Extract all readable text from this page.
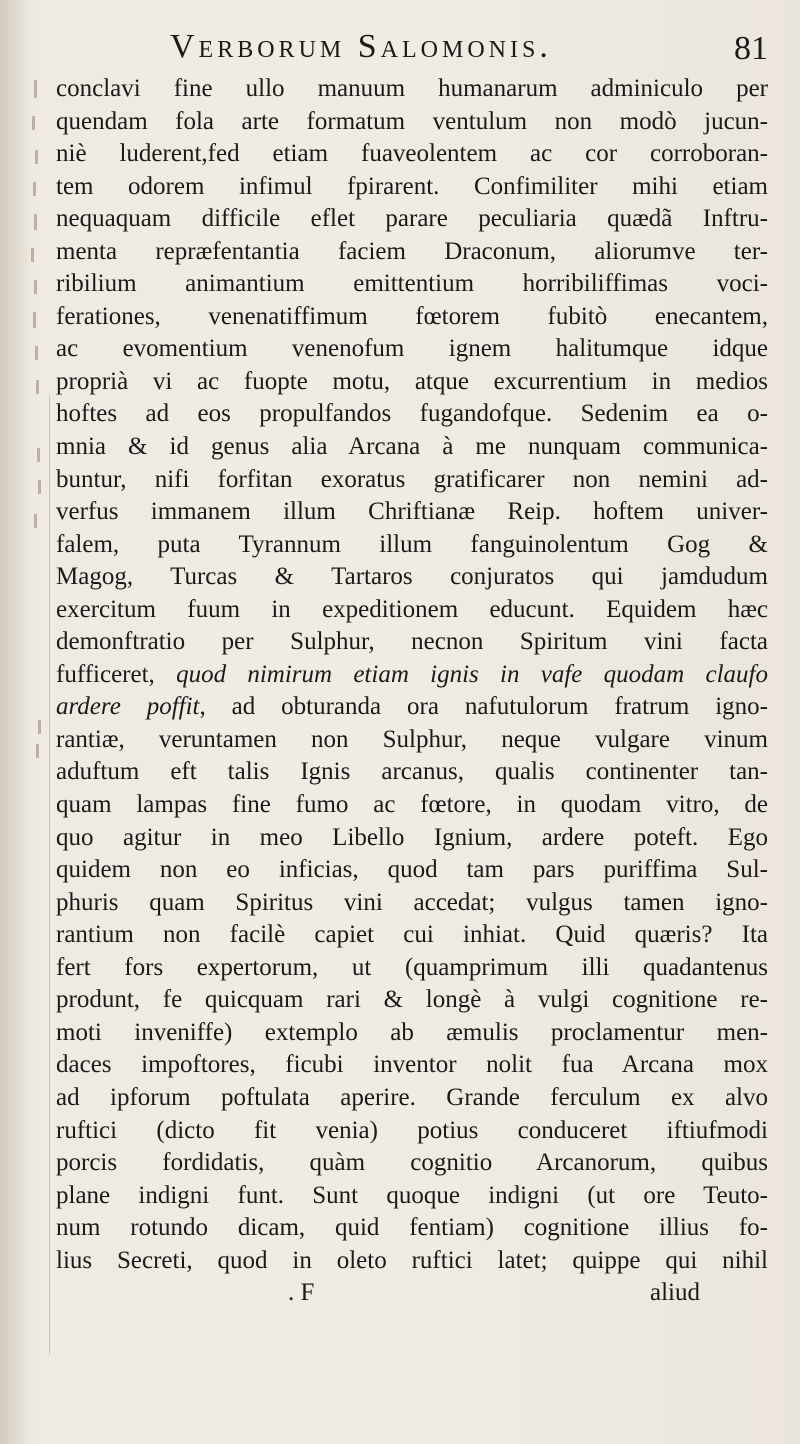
Verborum Salomonis.	81
conclavi fine ullo manuum humanarum adminiculo per
quendam fola arte formatum ventulum non modò jucun-
niè luderent,fed etiam fuaveolentem ac cor corroboran-
tem odorem infimul fpirarent. Confimiliter mihi etiam
nequaquam difficile eflet parare peculiaria quædã Inftru-
menta repræfentantia faciem Draconum, aliorumve ter-
ribilium animantium emittentium horribiliffimas voci-
ferationes, venenatiffimum fœtorem fubitò enecantem,
ac evomentium venenofum ignem halitumque idque
proprià vi ac fuopte motu, atque excurrentium in medios
hoftes ad eos propulfandos fugandofque. Sedenim ea o-
mnia & id genus alia Arcana à me nunquam communica-
buntur, nifi forfitan exoratus gratificarer non nemini ad-
verfus immanem illum Chriftianæ Reip. hoftem univer-
falem, puta Tyrannum illum fanguinolentum Gog &
Magog, Turcas & Tartaros conjuratos qui jamdudum
exercitum fuum in expeditionem educunt. Equidem hæc
demonftratio per Sulphur, necnon Spiritum vini facta
fufficeret, quod nimirum etiam ignis in vafe quodam claufo
ardere poffit, ad obturanda ora nafutulorum fratrum igno-
rantiæ, veruntamen non Sulphur, neque vulgare vinum
aduftum eft talis Ignis arcanus, qualis continenter tan-
quam lampas fine fumo ac fœtore, in quodam vitro, de
quo agitur in meo Libello Ignium, ardere poteft. Ego
quidem non eo inficias, quod tam pars puriffima Sul-
phuris quam Spiritus vini accedat; vulgus tamen igno-
rantium non facilè capiet cui inhiat. Quid quæris? Ita
fert fors expertorum, ut (quamprimum illi quadantenus
produnt, fe quicquam rari & longè à vulgi cognitione re-
moti inveniffe) extemplo ab æmulis proclamentur men-
daces impoftores, ficubi inventor nolit fua Arcana mox
ad ipforum poftulata aperire. Grande ferculum ex alvo
ruftici (dicto fit venia) potius conduceret iftiufmodi
porcis fordidatis, quàm cognitio Arcanorum, quibus
plane indigni funt. Sunt quoque indigni (ut ore Teuto-
num rotundo dicam, quid fentiam) cognitione illius fo-
lius Secreti, quod in oleto ruftici latet; quippe qui nihil
. F	aliud
